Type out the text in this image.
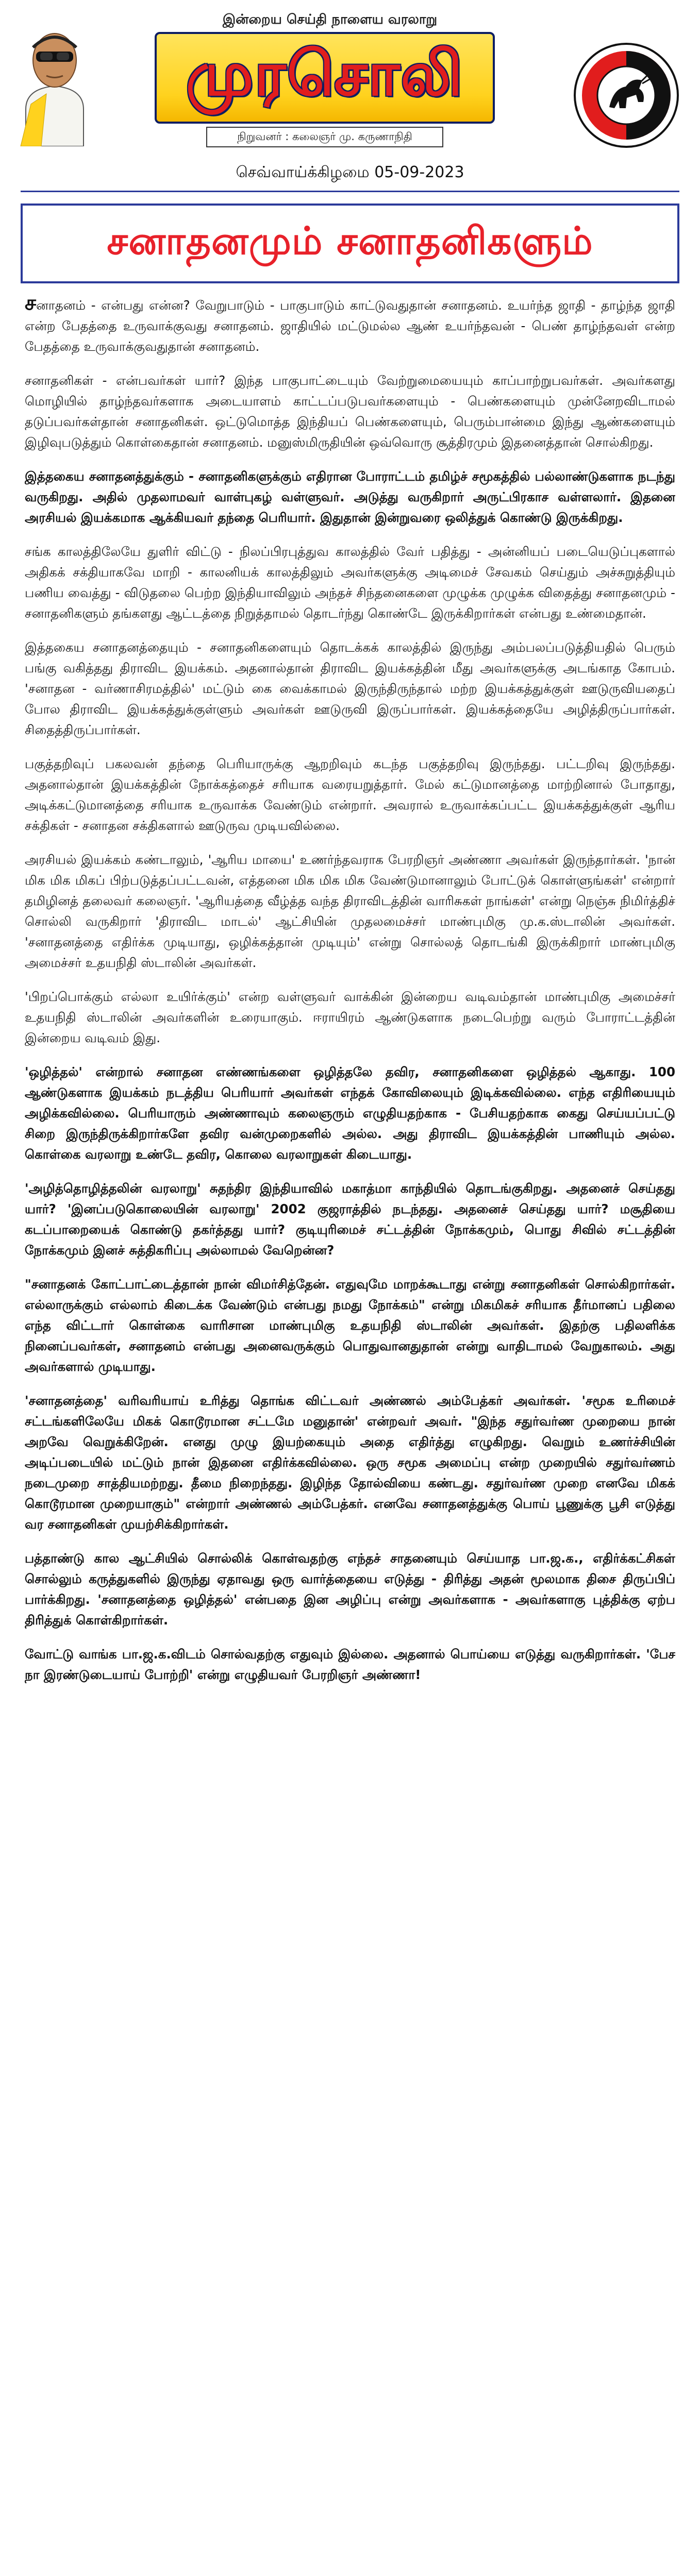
இன்றைய செய்தி நாளைய வரலாறு
முரசொலி
நிறுவனர் : கலைஞர் மு. கருணாநிதி
செவ்வாய்க்கிழமை 05-09-2023
சனாதனமும் சனாதனிகளும்

சனாதனம் - என்பது என்ன? வேறுபாடும் - பாகுபாடும் காட்டுவதுதான் சனாதனம். உயர்ந்த ஜாதி - தாழ்ந்த ஜாதி என்ற பேதத்தை உருவாக்குவது சனாதனம். ஜாதியில் மட்டுமல்ல ஆண் உயர்ந்தவன் - பெண் தாழ்ந்தவள் என்ற பேதத்தை உருவாக்குவதுதான் சனாதனம்.

சனாதனிகள் - என்பவர்கள் யார்? இந்த பாகுபாட்டையும் வேற்றுமையையும் காப்பாற்றுபவர்கள். அவர்களது மொழியில் தாழ்ந்தவர்களாக அடையாளம் காட்டப்படுபவர்களையும் - பெண்களையும் முன்னேறவிடாமல் தடுப்பவர்கள்தான் சனாதனிகள். ஒட்டுமொத்த இந்தியப் பெண்களையும், பெரும்பான்மை இந்து ஆண்களையும் இழிவுபடுத்தும் கொள்கைதான் சனாதனம். மனுஸ்மிருதியின் ஒவ்வொரு சூத்திரமும் இதனைத்தான் சொல்கிறது.

இத்தகைய சனாதனத்துக்கும் - சனாதனிகளுக்கும் எதிரான போராட்டம் தமிழ்ச் சமூகத்தில் பல்லாண்டுகளாக நடந்து வருகிறது. அதில் முதலாமவர் வாள்புகழ் வள்ளுவர். அடுத்து வருகிறார் அருட்பிரகாச வள்ளலார். இதனை அரசியல் இயக்கமாக ஆக்கியவர் தந்தை பெரியார். இதுதான் இன்றுவரை ஒலித்துக் கொண்டு இருக்கிறது.

சங்க காலத்திலேயே துளிர் விட்டு - நிலப்பிரபுத்துவ காலத்தில் வேர் பதித்து - அன்னியப் படையெடுப்புகளால் அதிகக் சக்தியாகவே மாறி - காலனியக் காலத்திலும் அவர்களுக்கு அடிமைச் சேவகம் செய்தும் அச்சுறுத்தியும் பணிய வைத்து - விடுதலை பெற்ற இந்தியாவிலும் அந்தச் சிந்தனைகளை முழுக்க முழுக்க விதைத்து சனாதனமும் - சனாதனிகளும் தங்களது ஆட்டத்தை நிறுத்தாமல் தொடர்ந்து கொண்டே இருக்கிறார்கள் என்பது உண்மைதான்.

இத்தகைய சனாதனத்தையும் - சனாதனிகளையும் தொடக்கக் காலத்தில் இருந்து அம்பலப்படுத்தியதில் பெரும் பங்கு வகித்தது திராவிட இயக்கம். அதனால்தான் திராவிட இயக்கத்தின் மீது அவர்களுக்கு அடங்காத கோபம். 'சனாதன - வர்ணாசிரமத்தில்' மட்டும் கை வைக்காமல் இருந்திருந்தால் மற்ற இயக்கத்துக்குள் ஊடுருவியதைப் போல திராவிட இயக்கத்துக்குள்ளும் அவர்கள் ஊடுருவி இருப்பார்கள். இயக்கத்தையே அழித்திருப்பார்கள். சிதைத்திருப்பார்கள்.

பகுத்தறிவுப் பகலவன் தந்தை பெரியாருக்கு ஆறறிவும் கடந்த பகுத்தறிவு இருந்தது. பட்டறிவு இருந்தது. அதனால்தான் இயக்கத்தின் நோக்கத்தைச் சரியாக வரையறுத்தார். மேல் கட்டுமானத்தை மாற்றினால் போதாது, அடிக்கட்டுமானத்தை சரியாக உருவாக்க வேண்டும் என்றார். அவரால் உருவாக்கப்பட்ட இயக்கத்துக்குள் ஆரிய சக்திகள் - சனாதன சக்திகளால் ஊடுருவ முடியவில்லை.

அரசியல் இயக்கம் கண்டாலும், 'ஆரிய மாயை' உணர்ந்தவராக பேரறிஞர் அண்ணா அவர்கள் இருந்தார்கள். 'நான் மிக மிக மிகப் பிற்படுத்தப்பட்டவன், எத்தனை மிக மிக மிக வேண்டுமானாலும் போட்டுக் கொள்ளுங்கள்' என்றார் தமிழினத் தலைவர் கலைஞர். 'ஆரியத்தை வீழ்த்த வந்த திராவிடத்தின் வாரிசுகள் நாங்கள்' என்று நெஞ்சு நிமிர்த்திச் சொல்லி வருகிறார் 'திராவிட மாடல்' ஆட்சியின் முதலமைச்சர் மாண்புமிகு மு.க.ஸ்டாலின் அவர்கள். 'சனாதனத்தை எதிர்க்க முடியாது, ஒழிக்கத்தான் முடியும்' என்று சொல்லத் தொடங்கி இருக்கிறார் மாண்புமிகு அமைச்சர் உதயநிதி ஸ்டாலின் அவர்கள்.

'பிறப்பொக்கும் எல்லா உயிர்க்கும்' என்ற வள்ளுவர் வாக்கின் இன்றைய வடிவம்தான் மாண்புமிகு அமைச்சர் உதயநிதி ஸ்டாலின் அவர்களின் உரையாகும். ஈராயிரம் ஆண்டுகளாக நடைபெற்று வரும் போராட்டத்தின் இன்றைய வடிவம் இது.

'ஒழித்தல்' என்றால் சனாதன எண்ணங்களை ஒழித்தலே தவிர, சனாதனிகளை ஒழித்தல் ஆகாது. 100 ஆண்டுகளாக இயக்கம் நடத்திய பெரியார் அவர்கள் எந்தக் கோவிலையும் இடிக்கவில்லை. எந்த எதிரியையும் அழிக்கவில்லை. பெரியாரும் அண்ணாவும் கலைஞரும் எழுதியதற்காக - பேசியதற்காக கைது செய்யப்பட்டு சிறை இருந்திருக்கிறார்களே தவிர வன்முறைகளில் அல்ல. அது திராவிட இயக்கத்தின் பாணியும் அல்ல. கொள்கை வரலாறு உண்டே தவிர, கொலை வரலாறுகள் கிடையாது.

'அழித்தொழித்தலின் வரலாறு' சுதந்திர இந்தியாவில் மகாத்மா காந்தியில் தொடங்குகிறது. அதனைச் செய்தது யார்? 'இனப்படுகொலையின் வரலாறு' 2002 குஜராத்தில் நடந்தது. அதனைச் செய்தது யார்? மசூதியை கடப்பாறையைக் கொண்டு தகர்த்தது யார்? குடியுரிமைச் சட்டத்தின் நோக்கமும், பொது சிவில் சட்டத்தின் நோக்கமும் இனச் சுத்திகரிப்பு அல்லாமல் வேறென்ன?

"சனாதனக் கோட்பாட்டைத்தான் நான் விமர்சித்தேன். எதுவுமே மாறக்கூடாது என்று சனாதனிகள் சொல்கிறார்கள். எல்லாருக்கும் எல்லாம் கிடைக்க வேண்டும் என்பது நமது நோக்கம்" என்று மிகமிகச் சரியாக தீர்மானப் பதிலை எந்த விட்டார் கொள்கை வாரிசான மாண்புமிகு உதயநிதி ஸ்டாலின் அவர்கள். இதற்கு பதிலளிக்க நினைப்பவர்கள், சனாதனம் என்பது அனைவருக்கும் பொதுவானதுதான் என்று வாதிடாமல் வேறுகாலம். அது அவர்களால் முடியாது.

'சனாதனத்தை' வரிவரியாய் உரித்து தொங்க விட்டவர் அண்ணல் அம்பேத்கர் அவர்கள். 'சமூக உரிமைச் சட்டங்களிலேயே மிகக் கொடூரமான சட்டமே மனுதான்' என்றவர் அவர். "இந்த சதுர்வர்ண முறையை நான் அறவே வெறுக்கிறேன். எனது முழு இயற்கையும் அதை எதிர்த்து எழுகிறது. வெறும் உணர்ச்சியின் அடிப்படையில் மட்டும் நான் இதனை எதிர்க்கவில்லை. ஒரு சமூக அமைப்பு என்ற முறையில் சதுர்வர்ணம் நடைமுறை சாத்தியமற்றது. தீமை நிறைந்தது. இழிந்த தோல்வியை கண்டது. சதுர்வர்ண முறை எனவே மிகக் கொடூரமான முறையாகும்" என்றார் அண்ணல் அம்பேத்கர். எனவே சனாதனத்துக்கு பொய் பூணுக்கு பூசி எடுத்து வர சனாதனிகள் முயற்சிக்கிறார்கள்.

பத்தாண்டு கால ஆட்சியில் சொல்லிக் கொள்வதற்கு எந்தச் சாதனையும் செய்யாத பா.ஜ.க., எதிர்க்கட்சிகள் சொல்லும் கருத்துகளில் இருந்து ஏதாவது ஒரு வார்த்தையை எடுத்து - திரித்து அதன் மூலமாக திசை திருப்பிப் பார்க்கிறது. 'சனாதனத்தை ஒழித்தல்' என்பதை இன அழிப்பு என்று அவர்களாக - அவர்களாகு புத்திக்கு ஏற்ப திரித்துக் கொள்கிறார்கள்.

வோட்டு வாங்க பா.ஜ.க.விடம் சொல்வதற்கு எதுவும் இல்லை. அதனால் பொய்யை எடுத்து வருகிறார்கள். 'பேச நா இரண்டுடையாய் போற்றி' என்று எழுதியவர் பேரறிஞர் அண்ணா!
